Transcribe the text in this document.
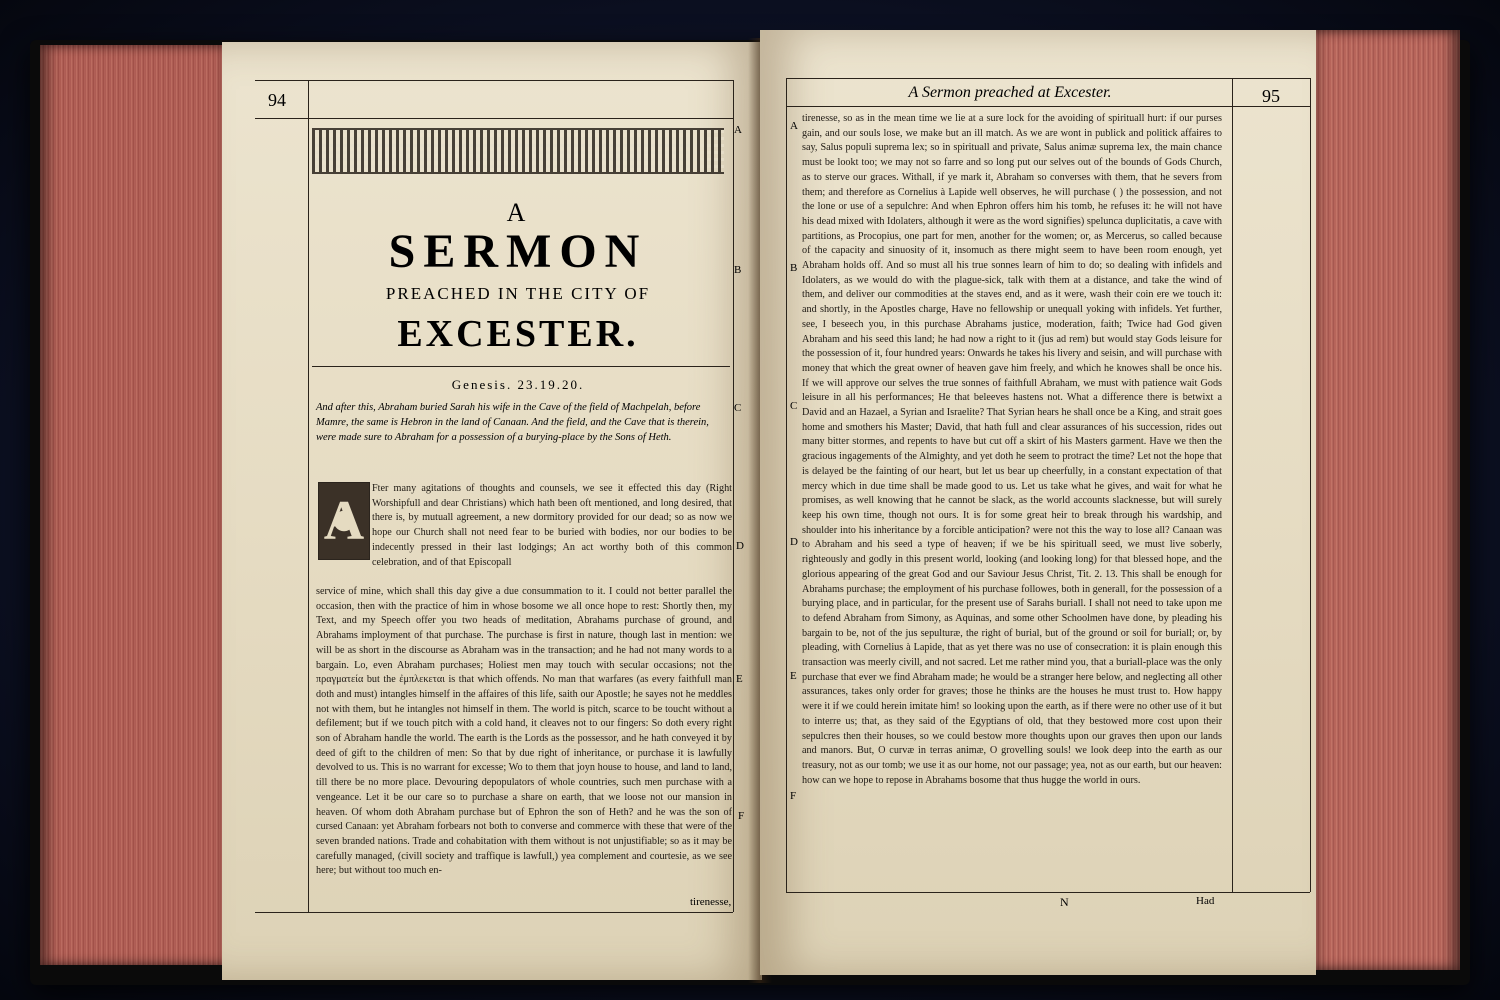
94
A
B
C
D
E
F
A
SERMON
PREACHED IN THE CITY OF
EXCESTER.
Genesis. 23.19.20.

And after this, Abraham buried Sarah his wife in the Cave of the field of Machpelah, before Mamre, the same is Hebron in the land of Canaan. And the field, and the Cave that is therein, were made sure to Abraham for a possession of a burying-place by the Sons of Heth.

A

Fter many agitations of thoughts and counsels, we see it effected this day (Right Worshipfull and dear Christians) which hath been oft mentioned, and long desired, that there is, by mutuall agreement, a new dormitory provided for our dead; so as now we hope our Church shall not need fear to be buried with bodies, nor our bodies to be indecently pressed in their last lodgings; An act worthy both of this common celebration, and of that Episcopall

service of mine, which shall this day give a due consummation to it. I could not better parallel the occasion, then with the practice of him in whose bosome we all once hope to rest: Shortly then, my Text, and my Speech offer you two heads of meditation, Abrahams purchase of ground, and Abrahams imployment of that purchase. The purchase is first in nature, though last in mention: we will be as short in the discourse as Abraham was in the transaction; and he had not many words to a bargain. Lo, even Abraham purchases; Holiest men may touch with secular occasions; not the πραγματεία but the ἐμπλεκεται is that which offends. No man that warfares (as every faithfull man doth and must) intangles himself in the affaires of this life, saith our Apostle; he sayes not he meddles not with them, but he intangles not himself in them. The world is pitch, scarce to be toucht without a defilement; but if we touch pitch with a cold hand, it cleaves not to our fingers: So doth every right son of Abraham handle the world. The earth is the Lords as the possessor, and he hath conveyed it by deed of gift to the children of men: So that by due right of inheritance, or purchase it is lawfully devolved to us. This is no warrant for excesse; Wo to them that joyn house to house, and land to land, till there be no more place. Devouring depopulators of whole countries, such men purchase with a vengeance. Let it be our care so to purchase a share on earth, that we loose not our mansion in heaven. Of whom doth Abraham purchase but of Ephron the son of Heth? and he was the son of cursed Canaan: yet Abraham forbears not both to converse and commerce with these that were of the seven branded nations. Trade and cohabitation with them without is not unjustifiable; so as it may be carefully managed, (civill society and traffique is lawfull,) yea complement and courtesie, as we see here; but without too much en-

tirenesse,
A Sermon preached at Excester.	95
A
B
C
D
E
F

tirenesse, so as in the mean time we lie at a sure lock for the avoiding of spirituall hurt: if our purses gain, and our souls lose, we make but an ill match. As we are wont in publick and politick affaires to say, Salus populi suprema lex; so in spirituall and private, Salus animæ suprema lex, the main chance must be lookt too; we may not so farre and so long put our selves out of the bounds of Gods Church, as to sterve our graces. Withall, if ye mark it, Abraham so converses with them, that he severs from them; and therefore as Cornelius à Lapide well observes, he will purchase ( ) the possession, and not the lone or use of a sepulchre: And when Ephron offers him his tomb, he refuses it: he will not have his dead mixed with Idolaters, although it were as the word signifies) spelunca duplicitatis, a cave with partitions, as Procopius, one part for men, another for the women; or, as Mercerus, so called because of the capacity and sinuosity of it, insomuch as there might seem to have been room enough, yet Abraham holds off. And so must all his true sonnes learn of him to do; so dealing with infidels and Idolaters, as we would do with the plague-sick, talk with them at a distance, and take the wind of them, and deliver our commodities at the staves end, and as it were, wash their coin ere we touch it: and shortly, in the Apostles charge, Have no fellowship or unequall yoking with infidels. Yet further, see, I beseech you, in this purchase Abrahams justice, moderation, faith; Twice had God given Abraham and his seed this land; he had now a right to it (jus ad rem) but would stay Gods leisure for the possession of it, four hundred years: Onwards he takes his livery and seisin, and will purchase with money that which the great owner of heaven gave him freely, and which he knowes shall be once his. If we will approve our selves the true sonnes of faithfull Abraham, we must with patience wait Gods leisure in all his performances; He that beleeves hastens not. What a difference there is betwixt a David and an Hazael, a Syrian and Israelite? That Syrian hears he shall once be a King, and strait goes home and smothers his Master; David, that hath full and clear assurances of his succession, rides out many bitter stormes, and repents to have but cut off a skirt of his Masters garment. Have we then the gracious ingagements of the Almighty, and yet doth he seem to protract the time? Let not the hope that is delayed be the fainting of our heart, but let us bear up cheerfully, in a constant expectation of that mercy which in due time shall be made good to us. Let us take what he gives, and wait for what he promises, as well knowing that he cannot be slack, as the world accounts slacknesse, but will surely keep his own time, though not ours. It is for some great heir to break through his wardship, and shoulder into his inheritance by a forcible anticipation? were not this the way to lose all? Canaan was to Abraham and his seed a type of heaven; if we be his spirituall seed, we must live soberly, righteously and godly in this present world, looking (and looking long) for that blessed hope, and the glorious appearing of the great God and our Saviour Jesus Christ, Tit. 2. 13. This shall be enough for Abrahams purchase; the employment of his purchase followes, both in generall, for the possession of a burying place, and in particular, for the present use of Sarahs buriall. I shall not need to take upon me to defend Abraham from Simony, as Aquinas, and some other Schoolmen have done, by pleading his bargain to be, not of the jus sepulturæ, the right of burial, but of the ground or soil for buriall; or, by pleading, with Cornelius à Lapide, that as yet there was no use of consecration: it is plain enough this transaction was meerly civill, and not sacred. Let me rather mind you, that a buriall-place was the only purchase that ever we find Abraham made; he would be a stranger here below, and neglecting all other assurances, takes only order for graves; those he thinks are the houses he must trust to. How happy were it if we could herein imitate him! so looking upon the earth, as if there were no other use of it but to interre us; that, as they said of the Egyptians of old, that they bestowed more cost upon their sepulcres then their houses, so we could bestow more thoughts upon our graves then upon our lands and manors. But, O curvæ in terras animæ, O grovelling souls! we look deep into the earth as our treasury, not as our tomb; we use it as our home, not our passage; yea, not as our earth, but our heaven: how can we hope to repose in Abrahams bosome that thus hugge the world in ours.

N	Had
